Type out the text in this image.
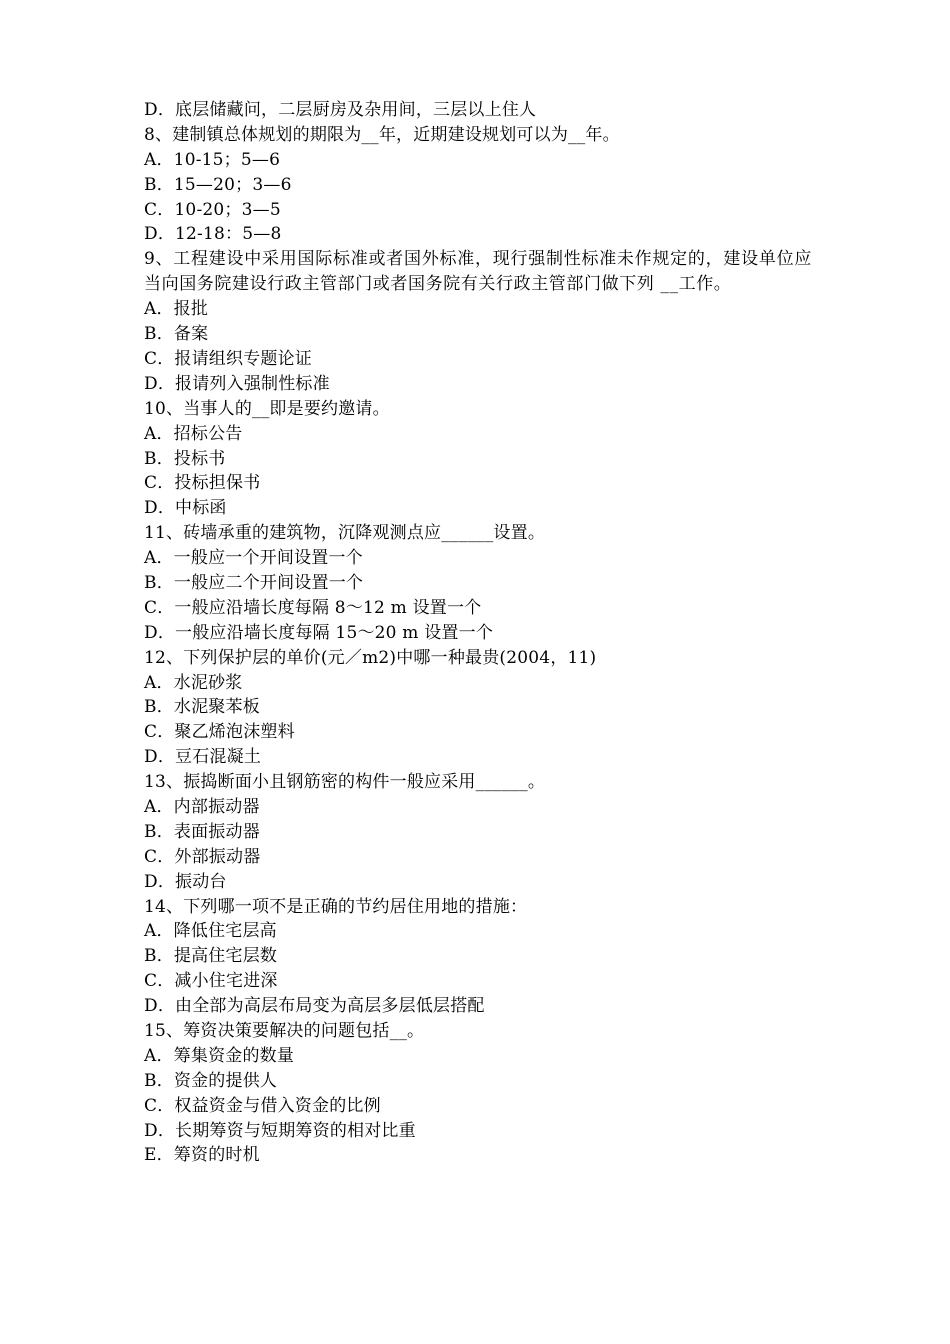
D．底层储藏问，二层厨房及杂用间，三层以上住人
8、建制镇总体规划的期限为__年，近期建设规划可以为__年。
A．10-15；5—6
B．15—20；3—6
C．10-20；3—5
D．12-18：5—8
9、工程建设中采用国际标准或者国外标准，现行强制性标准未作规定的，建设单位应当向国务院建设行政主管部门或者国务院有关行政主管部门做下列 __工作。
A．报批
B．备案
C．报请组织专题论证
D．报请列入强制性标准
10、当事人的__即是要约邀请。
A．招标公告
B．投标书
C．投标担保书
D．中标函
11、砖墙承重的建筑物，沉降观测点应______设置。
A．一般应一个开间设置一个
B．一般应二个开间设置一个
C．一般应沿墙长度每隔 8～12 m 设置一个
D．一般应沿墙长度每隔 15～20 m 设置一个
12、下列保护层的单价(元／m2)中哪一种最贵(2004，11)
A．水泥砂浆
B．水泥聚苯板
C．聚乙烯泡沫塑料
D．豆石混凝土
13、振捣断面小且钢筋密的构件一般应采用______。
A．内部振动器
B．表面振动器
C．外部振动器
D．振动台
14、下列哪一项不是正确的节约居住用地的措施：
A．降低住宅层高
B．提高住宅层数
C．减小住宅进深
D．由全部为高层布局变为高层多层低层搭配
15、筹资决策要解决的问题包括__。
A．筹集资金的数量
B．资金的提供人
C．权益资金与借入资金的比例
D．长期筹资与短期筹资的相对比重
E．筹资的时机
